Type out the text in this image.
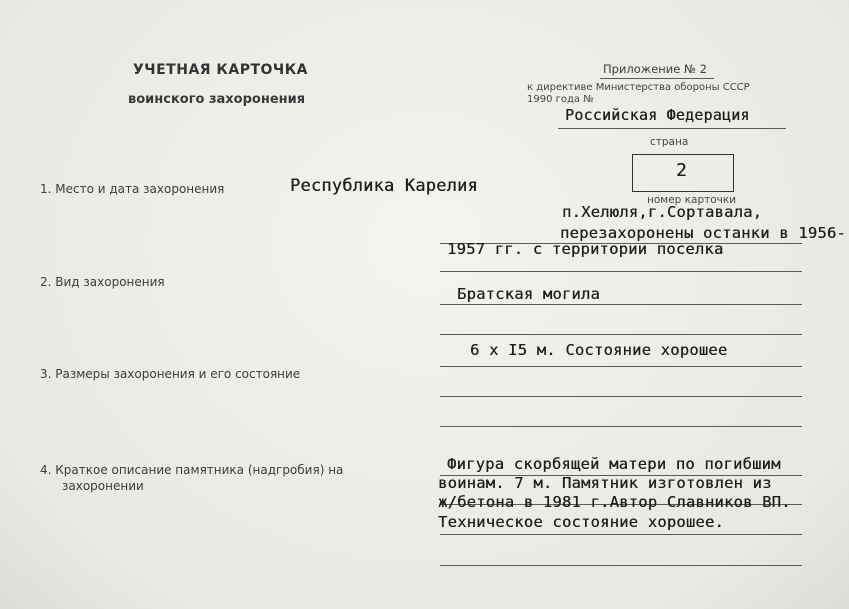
УЧЕТНАЯ КАРТОЧКА
воинского захоронения
Приложение № 2
к директиве Министерства обороны СССР
1990 года №
Российская Федерация
страна
2
номер карточки
1. Место и дата захоронения	Республика Карелия
п.Хелюля,г.Сортавала,
перезахоронены останки в 1956-
1957 гг. с территории поселка
2. Вид захоронения
Братская могила
6 х I5 м. Состояние хорошее
3. Размеры захоронения и его состояние
4. Краткое описание памятника (надгробия) на
захоронении
Фигура скорбящей матери по погибшим
воинам. 7 м. Памятник изготовлен из
ж/бетона в 1981 г.Автор Славников ВП.
Техническое состояние хорошее.
